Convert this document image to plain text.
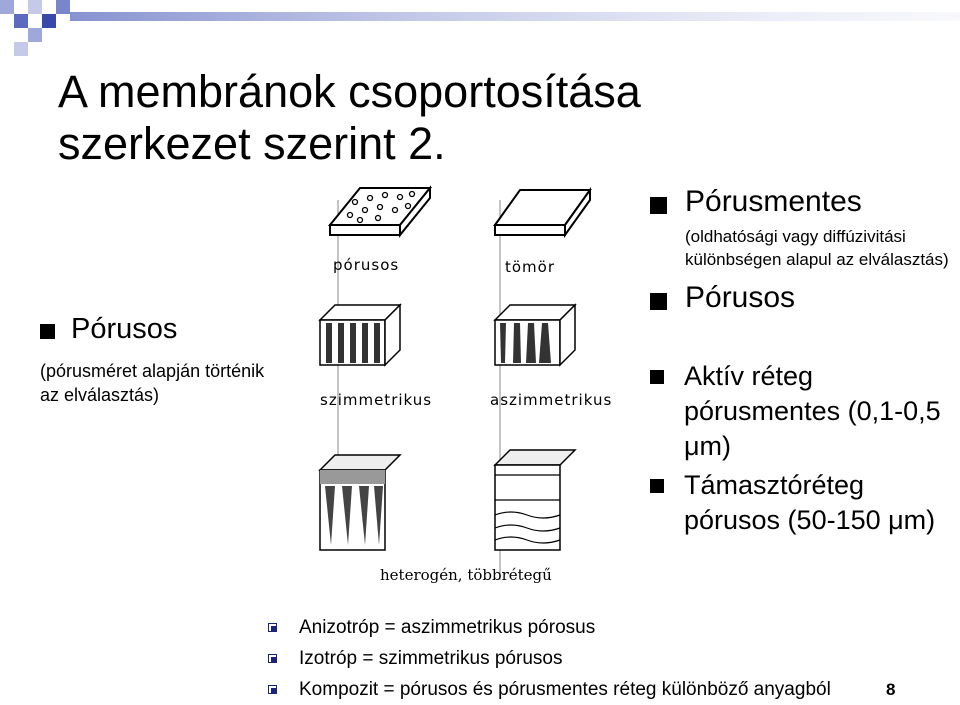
A membránok csoportosítása
szerkezet szerint 2.
Pórusos
(pórusméret alapján történik az elválasztás)
pórusos	tömör
szimmetrikus	aszimmetrikus
heterogén, többrétegű
Pórusmentes
(oldhatósági vagy diffúzivitási különbségen alapul az elválasztás)
Pórusos
Aktív réteg pórusmentes (0,1-0,5 μm)
Támasztóréteg pórusos (50-150 μm)
Anizotróp = aszimmetrikus pórosus
Izotróp = szimmetrikus pórusos
Kompozit = pórusos és pórusmentes réteg különböző anyagból	8
